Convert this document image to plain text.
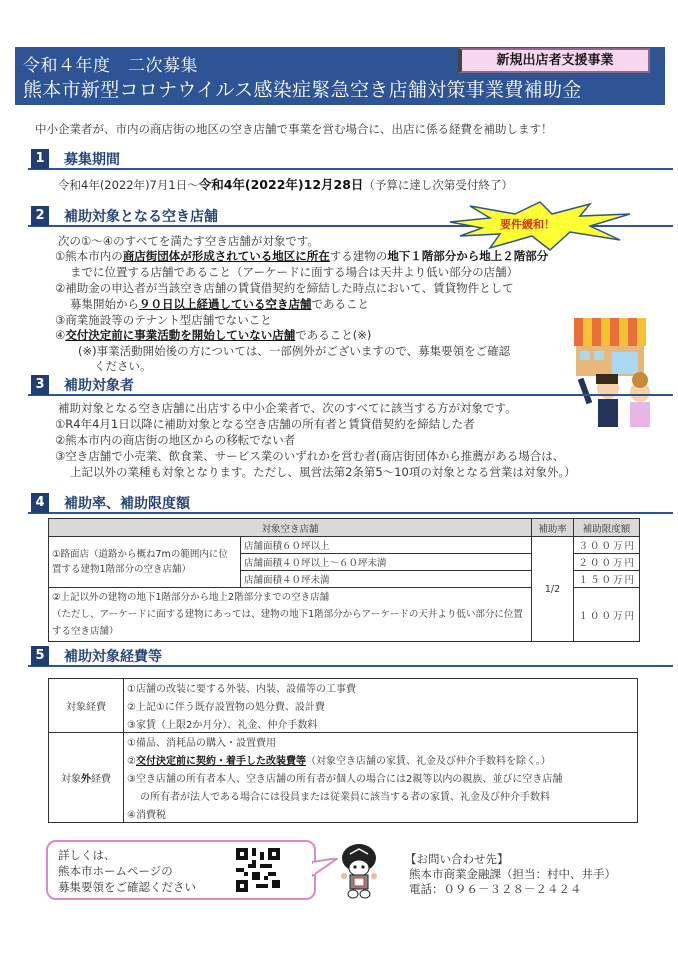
令和４年度　二次募集
熊本市新型コロナウイルス感染症緊急空き店舗対策事業費補助金
新規出店者支援事業
中小企業者が、市内の商店街の地区の空き店舗で事業を営む場合に、出店に係る経費を補助します！
1	募集期間
令和4年(2022年)7月1日～令和4年(2022年)12月28日（予算に達し次第受付終了）
2	補助対象となる空き店舗	要件緩和！
次の①～④のすべてを満たす空き店舗が対象です。
①熊本市内の商店街団体が形成されている地区に所在する建物の地下１階部分から地上２階部分
までに位置する店舗であること（アーケードに面する場合は天井より低い部分の店舗）
②補助金の申込者が当該空き店舗の賃貸借契約を締結した時点において、賃貸物件として
募集開始から９０日以上経過している空き店舗であること
③商業施設等のテナント型店舗でないこと
④交付決定前に事業活動を開始していない店舗であること(※)
(※)事業活動開始後の方については、一部例外がございますので、募集要領をご確認
ください。
3	補助対象者
補助対象となる空き店舗に出店する中小企業者で、次のすべてに該当する方が対象です。
①R4年4月1日以降に補助対象となる空き店舗の所有者と賃貸借契約を締結した者
②熊本市内の商店街の地区からの移転でない者
③空き店舗で小売業、飲食業、サービス業のいずれかを営む者(商店街団体から推薦がある場合は、
上記以外の業種も対象となります。ただし、風営法第2条第5～10項の対象となる営業は対象外。）
4	補助率、補助限度額
対象空き店舗		補助率	補助限度額
①路面店（道路から概ね7mの範囲内に位置する建物1階部分の空き店舗）	店舗面積６０坪以上	1/2	３００万円
	店舗面積４０坪以上～６０坪未満		２００万円
	店舗面積４０坪未満		１５０万円

②上記以外の建物の地下1階部分から地上2階部分までの空き店舗
（ただし、アーケードに面する建物にあっては、建物の地下1階部分からアーケードの天井より低い部分に位置する空き店舗）			１００万円
5	補助対象経費等
対象経費	①店舗の改装に要する外装、内装、設備等の工事費
	②上記①に伴う既存設置物の処分費、設計費
	③家賃（上限2か月分）、礼金、仲介手数料
対象外経費	①備品、消耗品の購入・設置費用
	②交付決定前に契約・着手した改装費等（対象空き店舗の家賃、礼金及び仲介手数料を除く。）
	③空き店舗の所有者本人、空き店舗の所有者が個人の場合には2親等以内の親族、並びに空き店舗
	の所有者が法人である場合には役員または従業員に該当する者の家賃、礼金及び仲介手数料
	④消費税
詳しくは、
熊本市ホームページの
募集要領をご確認ください
【お問い合わせ先】
熊本市商業金融課（担当：村中、井手）
電話：０９６－３２８－２４２４
